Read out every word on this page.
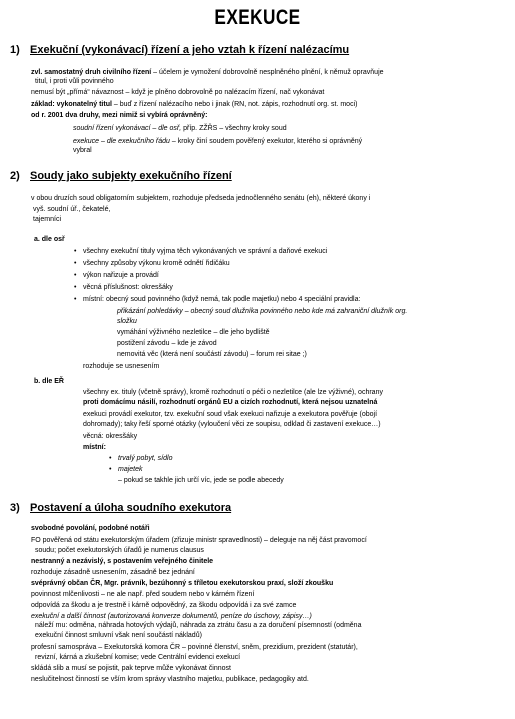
EXEKUCE
1) Exekuční (vykonávací) řízení a jeho vztah k řízení nalézacímu
zvl. samostatný druh civilního řízení – účelem je vymožení dobrovolně nesplněného plnění, k němuž opravňuje
titul, i proti vůli povinného
nemusí být „přímá“ návaznost – když je plněno dobrovolně po nalézacím řízení, nač vykonávat
základ: vykonatelný titul – buď z řízení nalézacího nebo i jinak (RN, not. zápis, rozhodnutí org. st. moci)
od r. 2001 dva druhy, mezi nimiž si vybírá oprávněný:
soudní řízení vykonávací – dle osř, příp. ZŽŘS – všechny kroky soud
exekuce – dle exekučního řádu – kroky činí soudem pověřený exekutor, kterého si oprávněný
vybral
2) Soudy jako subjekty exekučního řízení
v obou druzích soud obligatorním subjektem, rozhoduje předseda jednočlenného senátu (eh), některé úkony i
vyš. soudní úř., čekatelé,
tajemníci
a. dle osř
• všechny exekuční tituly vyjma těch vykonávaných ve správní a daňové exekuci
• všechny způsoby výkonu kromě odnětí řidičáku
• výkon nařizuje a provádí
• věcná příslušnost: okresšáky
• místní: obecný soud povinného (když nemá, tak podle majetku) nebo 4 speciální pravidla:
přikázání pohledávky – obecný soud dlužníka povinného nebo kde má zahraniční dlužník org.
složku
vymáhání výživného nezletilce – dle jeho bydliště
postižení závodu – kde je závod
nemovitá věc (která není součástí závodu) – forum rei sitae ;)
rozhoduje se usnesením
b. dle EŘ
všechny ex. tituly (včetně správy), kromě rozhodnutí o péči o nezletilce (ale lze výživné), ochrany
proti domácímu násilí, rozhodnutí orgánů EU a cizích rozhodnutí, která nejsou uznatelná
exekuci provádí exekutor, tzv. exekuční soud však exekuci nařizuje a exekutora pověřuje (obojí
dohromady); taky řeší sporné otázky (vyloučení věci ze soupisu, odklad či zastavení exekuce…)
věcná: okresšáky
místní:
• trvalý pobyt, sídlo
• majetek
– pokud se takhle jich určí víc, jede se podle abecedy
3) Postavení a úloha soudního exekutora
svobodné povolání, podobné notáři
FO pověřená od státu exekutorským úřadem (zřizuje ministr spravedlnosti) – deleguje na něj část pravomocí
soudu; počet exekutorských úřadů je numerus clausus
nestranný a nezávislý, s postavením veřejného činitele
rozhoduje zásadně usnesením, zásadně bez jednání
svéprávný občan ČR, Mgr. právník, bezúhonný s tříletou exekutorskou praxí, složí zkoušku
povinnost mlčenlivosti – ne ale např. před soudem nebo v kárném řízení
odpovídá za škodu a je trestně i kárně odpovědný, za škodu odpovídá i za své zamce
exekuční a další činnost (autorizovaná konverze dokumentů, peníze do úschovy, zápisy…)
náleží mu: odměna, náhrada hotových výdajů, náhrada za ztrátu času a za doručení písemností (odměna
exekuční činnost smluvní však není součástí nákladů)
profesní samospráva – Exekutorská komora ČR – povinné členství, sněm, prezidium, prezident (statutár),
revizní, kárná a zkušební komise; vede Centrální evidenci exekucí
skládá slib a musí se pojistit, pak teprve může vykonávat činnost
neslučitelnost činností se vším krom správy vlastního majetku, publikace, pedagogiky atd.
